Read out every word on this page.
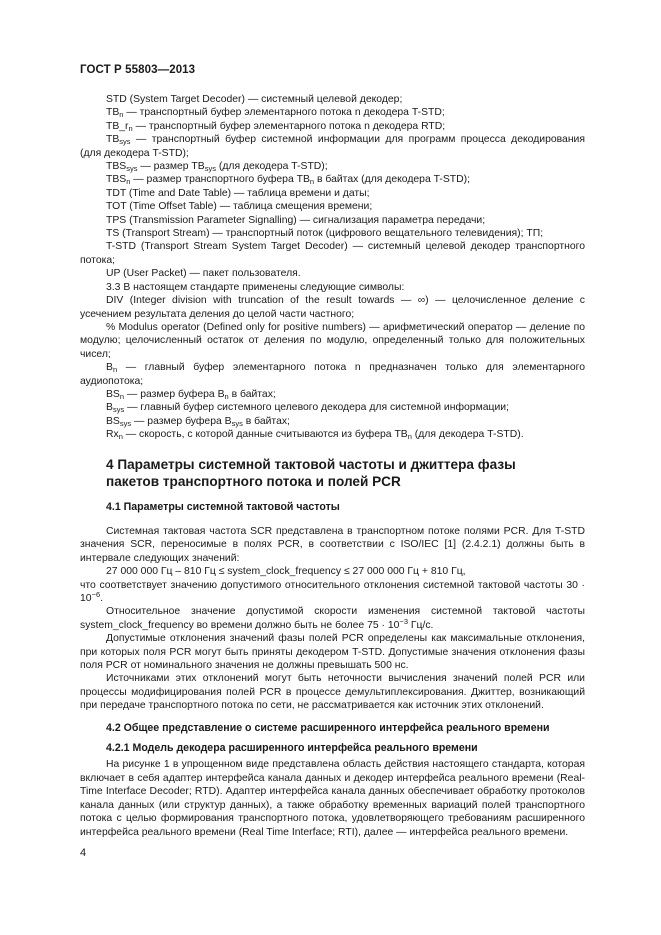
ГОСТ Р 55803—2013

STD (System Target Decoder) — системный целевой декодер;

$TB_n$ — транспортный буфер элементарного потока n декодера T-STD;

$TB\_r_n$ — транспортный буфер элементарного потока n декодера RTD;

$TB_{sys}$ — транспортный буфер системной информации для программ процесса декодирования (для декодера T-STD);

$TBS_{sys}$ — размер $TB_{sys}$ (для декодера T-STD);

$TBS_n$ — размер транспортного буфера $TB_n$ в байтах (для декодера T-STD);

TDT (Time and Date Table) — таблица времени и даты;

TOT (Time Offset Table) — таблица смещения времени;

TPS (Transmission Parameter Signalling) — сигнализация параметра передачи;

TS (Transport Stream) — транспортный поток (цифрового вещательного телевидения); ТП;

T-STD (Transport Stream System Target Decoder) — системный целевой декодер транспортного потока;

UP (User Packet) — пакет пользователя.

3.3 В настоящем стандарте применены следующие символы:

DIV (Integer division with truncation of the result towards — ∞) — целочисленное деление с усечением результата деления до целой части частного;

% Modulus operator (Defined only for positive numbers) — арифметический оператор — деление по модулю; целочисленный остаток от деления по модулю, определенный только для положительных чисел;

$B_n$ — главный буфер элементарного потока n предназначен только для элементарного аудиопотока;

$BS_n$ — размер буфера $B_n$ в байтах;

$B_{sys}$ — главный буфер системного целевого декодера для системной информации;

$BS_{sys}$ — размер буфера $B_{sys}$ в байтах;

$Rx_n$ — скорость, с которой данные считываются из буфера $TB_n$ (для декодера T-STD).

4 Параметры системной тактовой частоты и джиттера фазы пакетов транспортного потока и полей PCR
4.1 Параметры системной тактовой частоты

Системная тактовая частота SCR представлена в транспортном потоке полями PCR. Для T-STD значения SCR, переносимые в полях PCR, в соответствии с ISO/IEC [1] (2.4.2.1) должны быть в интервале следующих значений:

27 000 000 Гц – 810 Гц ≤ system_clock_frequency ≤ 27 000 000 Гц + 810 Гц,

что соответствует значению допустимого относительного отклонения системной тактовой частоты $30 \cdot 10^{-6}$.

Относительное значение допустимой скорости изменения системной тактовой частоты system_clock_frequency во времени должно быть не более $75 \cdot 10^{-3}$ Гц/с.

Допустимые отклонения значений фазы полей PCR определены как максимальные отклонения, при которых поля PCR могут быть приняты декодером T-STD. Допустимые значения отклонения фазы поля PCR от номинального значения не должны превышать 500 нс.

Источниками этих отклонений могут быть неточности вычисления значений полей PCR или процессы модифицирования полей PCR в процессе демультиплексирования. Джиттер, возникающий при передаче транспортного потока по сети, не рассматривается как источник этих отклонений.

4.2 Общее представление о системе расширенного интерфейса реального времени
4.2.1 Модель декодера расширенного интерфейса реального времени

На рисунке 1 в упрощенном виде представлена область действия настоящего стандарта, которая включает в себя адаптер интерфейса канала данных и декодер интерфейса реального времени (Real-Time Interface Decoder; RTD). Адаптер интерфейса канала данных обеспечивает обработку протоколов канала данных (или структур данных), а также обработку временных вариаций полей транспортного потока с целью формирования транспортного потока, удовлетворяющего требованиям расширенного интерфейса реального времени (Real Time Interface; RTI), далее — интерфейса реального времени.

4
